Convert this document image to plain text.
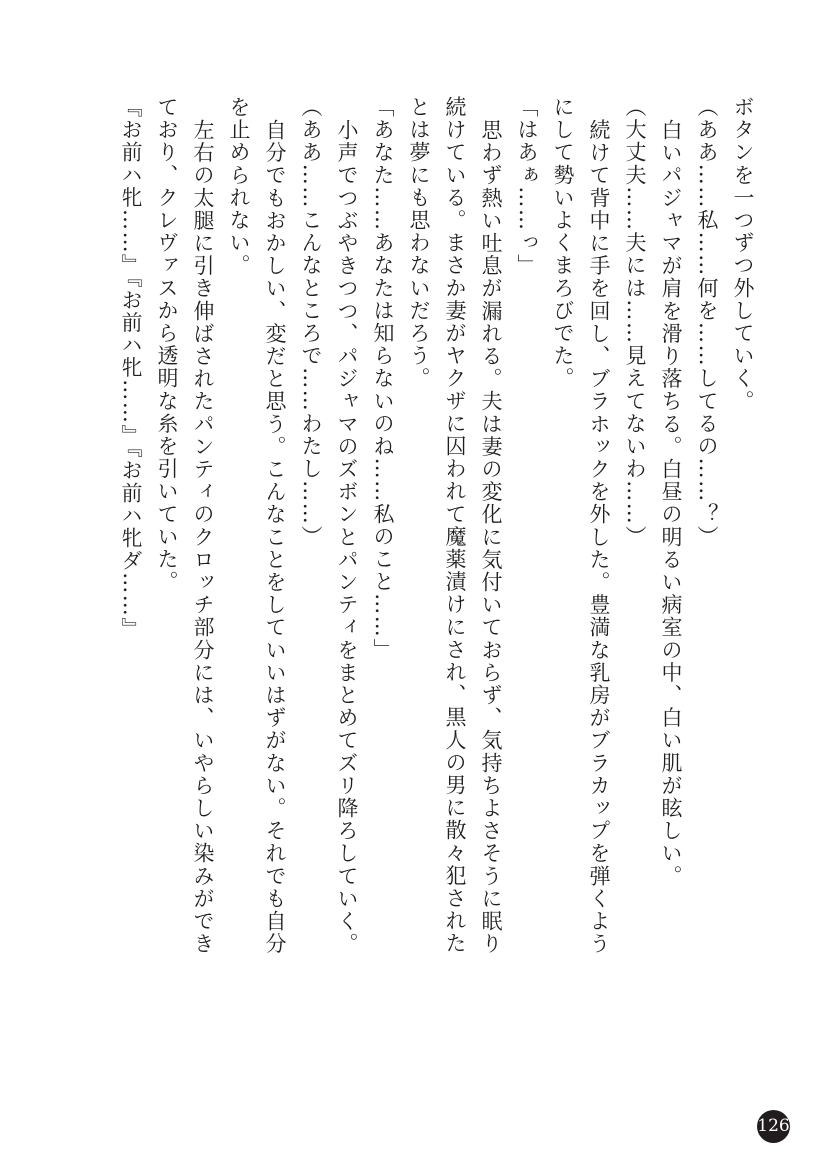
ボタンを一つずつ外していく。

（ああ……私……何を……してるの……？）

白いパジャマが肩を滑り落ちる。白昼の明るい病室の中、白い肌が眩しい。

（大丈夫……夫には……見えてないわ……）

続けて背中に手を回し、ブラホックを外した。豊満な乳房がブラカップを弾くよう

にして勢いよくまろびでた。

「はあぁ……っ」

思わず熱い吐息が漏れる。夫は妻の変化に気付いておらず、気持ちよさそうに眠り

続けている。まさか妻がヤクザに囚われて魔薬漬けにされ、黒人の男に散々犯された

とは夢にも思わないだろう。

「あなた……あなたは知らないのね……私のこと……」

小声でつぶやきつつ、パジャマのズボンとパンティをまとめてズリ降ろしていく。

（ああ……こんなところで……わたし……）

自分でもおかしい、変だと思う。こんなことをしていいはずがない。それでも自分

を止められない。

左右の太腿に引き伸ばされたパンティのクロッチ部分には、いやらしい染みができ

ており、クレヴァスから透明な糸を引いていた。

『お前ハ牝……』『お前ハ牝……』『お前ハ牝ダ……』

126
